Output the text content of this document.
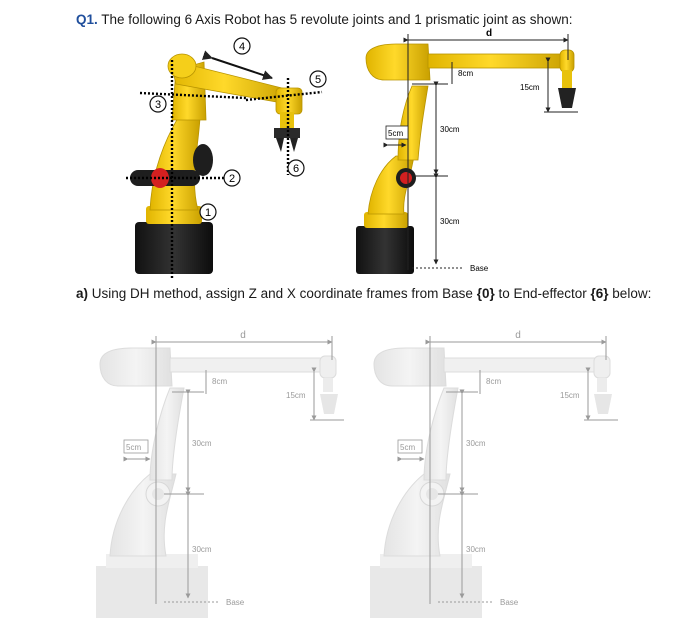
Q1. The following 6 Axis Robot has 5 revolute joints and 1 prismatic joint as shown:
4
5
3
2
6
1
d
8cm
15cm
30cm
30cm
5cm
Base
d
8cm
15cm
30cm
30cm
5cm
Base
d
8cm
15cm
30cm
30cm
5cm
Base
a) Using DH method, assign Z and X coordinate frames from Base {0} to End-effector {6} below:
